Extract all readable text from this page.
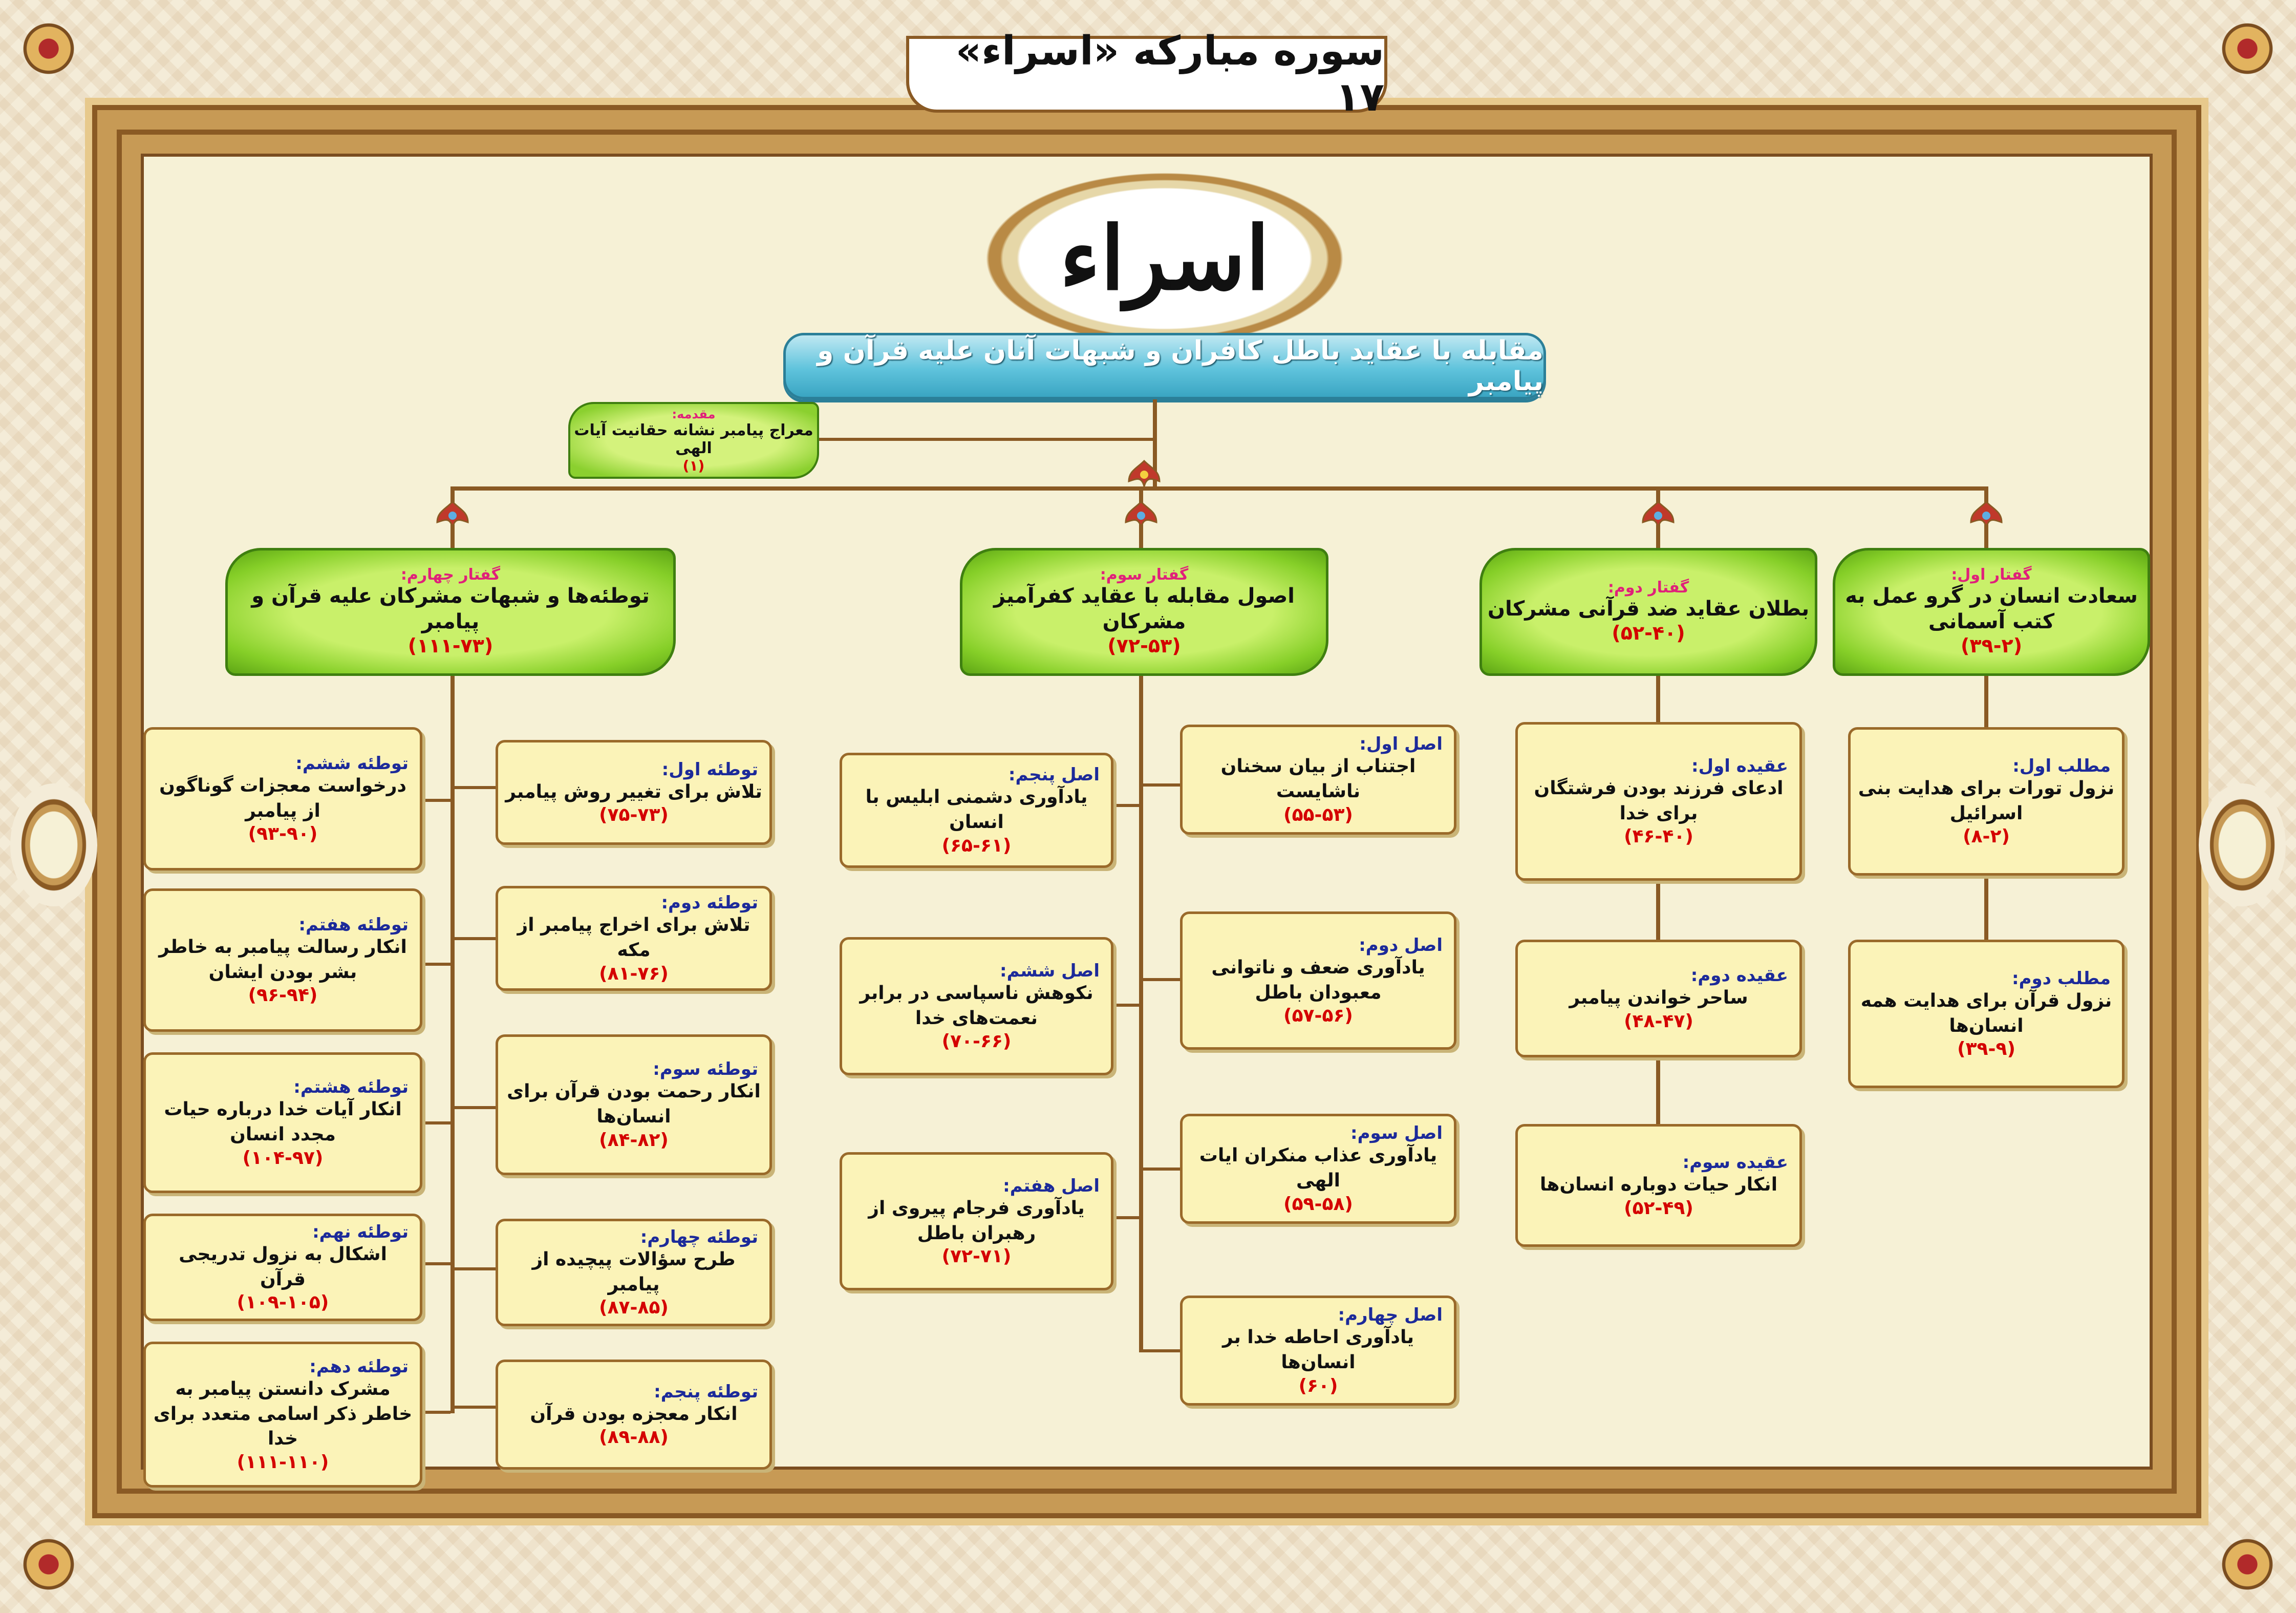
سوره مبارکه «اسراء» ۱۷
اسراء
مقابله با عقاید باطل کافران و شبهات آنان علیه قرآن و پیامبر
مقدمه:
معراج پیامبر نشانه حقانیت آیات الهی
(۱)
گفتار اول:
سعادت انسان در گرو عمل به کتب آسمانی
(۳۹-۲)
مطلب اول:
نزول تورات برای هدایت بنی اسرائیل
(۸-۲)
مطلب دوم:
نزول قرآن برای هدایت همه انسان‌ها
(۳۹-۹)
گفتار دوم:
بطلان عقاید ضد قرآنی مشرکان
(۵۲-۴۰)
عقیده اول:
ادعای فرزند بودن فرشتگان برای خدا
(۴۶-۴۰)
عقیده دوم:
ساحر خواندن پیامبر
(۴۸-۴۷)
عقیده سوم:
انکار حیات دوباره انسان‌ها
(۵۲-۴۹)
گفتار سوم:
اصول مقابله با عقاید کفرآمیز مشرکان
(۷۲-۵۳)
اصل اول:
اجتناب از بیان سخنان ناشایست
(۵۵-۵۳)
اصل دوم:
یادآوری ضعف و ناتوانی معبودان باطل
(۵۷-۵۶)
اصل سوم:
یادآوری عذاب منکران ایات الهی
(۵۹-۵۸)
اصل چهارم:
یادآوری احاطه خدا بر انسان‌ها
(۶۰)
اصل پنجم:
یادآوری دشمنی ابلیس با انسان
(۶۵-۶۱)
اصل ششم:
نکوهش ناسپاسی در برابر نعمت‌های خدا
(۷۰-۶۶)
اصل هفتم:
یادآوری فرجام پیروی از رهبران باطل
(۷۲-۷۱)
گفتار چهارم:
توطئه‌ها و شبهات مشرکان علیه قرآن و پیامبر
(۱۱۱-۷۳)
توطئه اول:
تلاش برای تغییر روش پیامبر
(۷۵-۷۳)
توطئه دوم:
تلاش برای اخراج پیامبر از مکه
(۸۱-۷۶)
توطئه سوم:
انکار رحمت بودن قرآن برای انسان‌ها
(۸۴-۸۲)
توطئه چهارم:
طرح سؤالات پیچیده از پیامبر
(۸۷-۸۵)
توطئه پنجم:
انکار معجزه بودن قرآن
(۸۹-۸۸)
توطئه ششم:
درخواست معجزات گوناگون از پیامبر
(۹۳-۹۰)
توطئه هفتم:
انکار رسالت پیامبر به خاطر بشر بودن ایشان
(۹۶-۹۴)
توطئه هشتم:
انکار آیات خدا درباره حیات مجدد انسان
(۱۰۴-۹۷)
توطئه نهم:
اشکال به نزول تدریجی قرآن
(۱۰۹-۱۰۵)
توطئه دهم:
مشرک دانستن پیامبر به خاطر ذکر اسامی متعدد برای خدا
(۱۱۱-۱۱۰)
